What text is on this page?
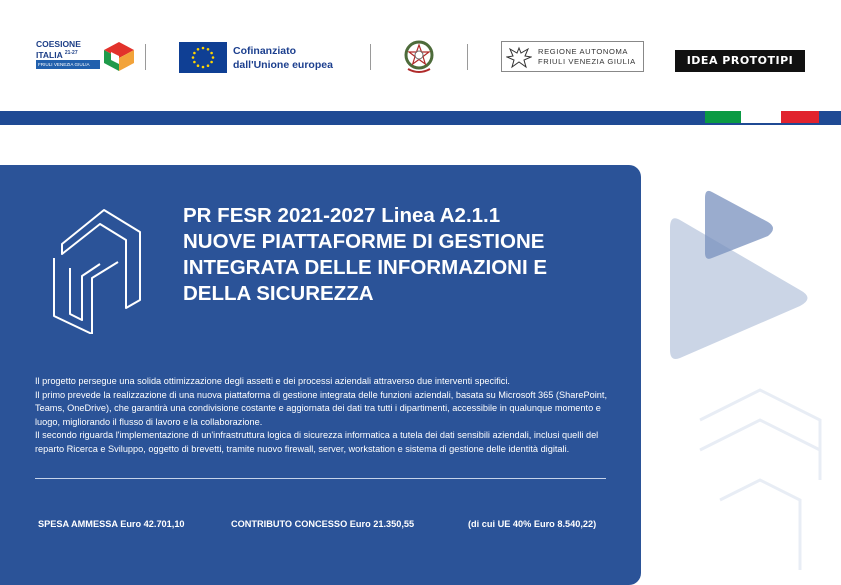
COESIONE
ITALIA $^{21-27}$
FRIULI VENEZIA GIULIA
Cofinanziato
dall'Unione europea
REGIONE AUTONOMA
FRIULI VENEZIA GIULIA	IDEA PROTOTIPI
PR FESR 2021-2027 Linea A2.1.1
NUOVE PIATTAFORME DI GESTIONE
INTEGRATA DELLE INFORMAZIONI E
DELLA SICUREZZA

Il progetto persegue una solida ottimizzazione degli assetti e dei processi aziendali attraverso due interventi specifici.

Il primo prevede la realizzazione di una nuova piattaforma di gestione integrata delle funzioni aziendali, basata su Microsoft 365 (SharePoint, Teams, OneDrive), che garantirà una condivisione costante e aggiornata dei dati tra tutti i dipartimenti, accessibile in qualunque momento e luogo, migliorando il flusso di lavoro e la collaborazione.

Il secondo riguarda l'implementazione di un'infrastruttura logica di sicurezza informatica a tutela dei dati sensibili aziendali, inclusi quelli del reparto Ricerca e Sviluppo, oggetto di brevetti, tramite nuovo firewall, server, workstation e sistema di gestione delle identità digitali.

SPESA AMMESSA Euro 42.701,10	CONTRIBUTO CONCESSO Euro 21.350,55	(di cui UE 40% Euro 8.540,22)
